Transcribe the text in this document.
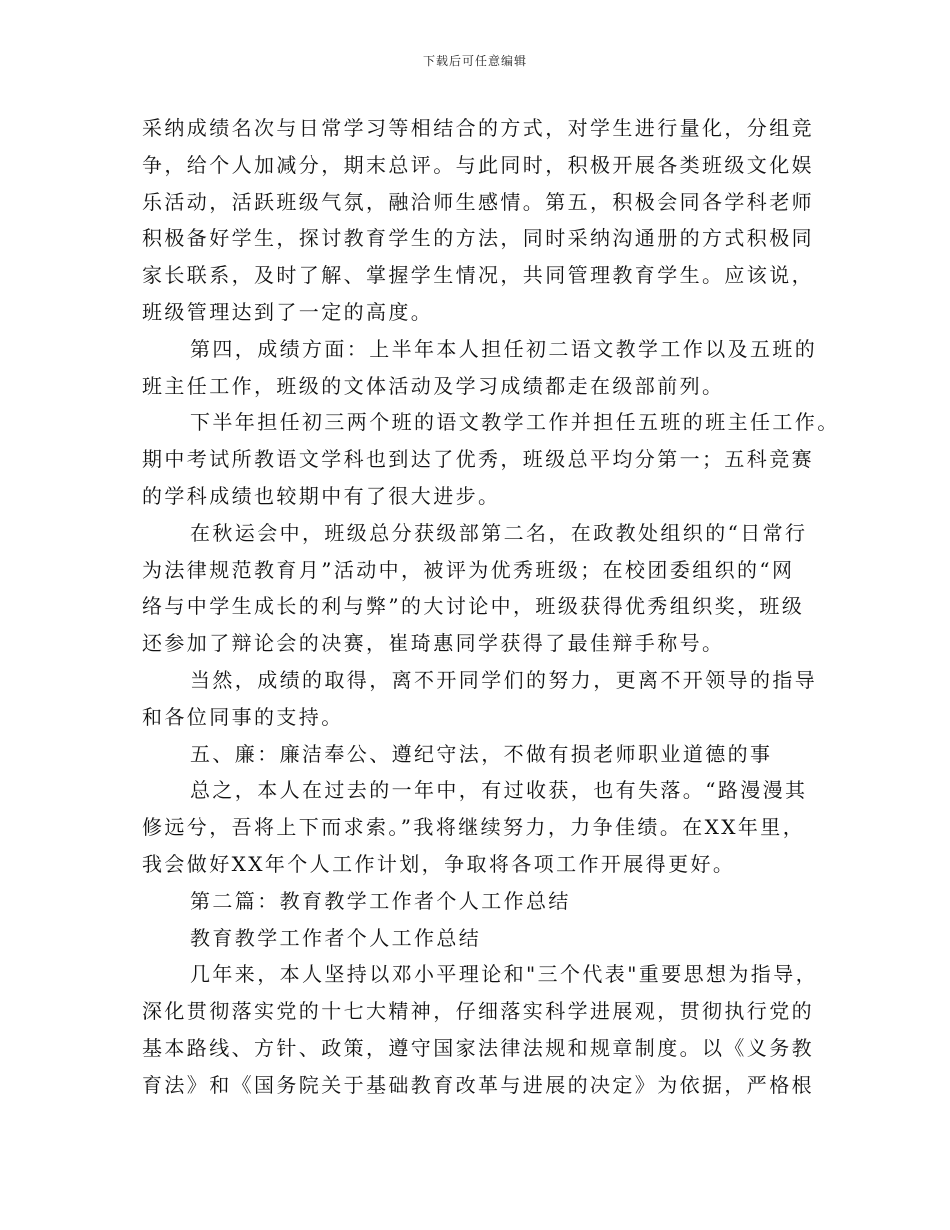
下载后可任意编辑
采纳成绩名次与日常学习等相结合的方式，对学生进行量化，分组竞
争，给个人加减分，期末总评。与此同时，积极开展各类班级文化娱
乐活动，活跃班级气氛，融洽师生感情。第五，积极会同各学科老师
积极备好学生，探讨教育学生的方法，同时采纳沟通册的方式积极同
家长联系，及时了解、掌握学生情况，共同管理教育学生。应该说，
班级管理达到了一定的高度。
第四，成绩方面：上半年本人担任初二语文教学工作以及五班的
班主任工作，班级的文体活动及学习成绩都走在级部前列。
下半年担任初三两个班的语文教学工作并担任五班的班主任工作。
期中考试所教语文学科也到达了优秀，班级总平均分第一；五科竞赛
的学科成绩也较期中有了很大进步。
在秋运会中，班级总分获级部第二名，在政教处组织的“日常行
为法律规范教育月”活动中，被评为优秀班级；在校团委组织的“网
络与中学生成长的利与弊”的大讨论中，班级获得优秀组织奖，班级
还参加了辩论会的决赛，崔琦惠同学获得了最佳辩手称号。
当然，成绩的取得，离不开同学们的努力，更离不开领导的指导
和各位同事的支持。
五、廉：廉洁奉公、遵纪守法，不做有损老师职业道德的事
总之，本人在过去的一年中，有过收获，也有失落。“路漫漫其
修远兮，吾将上下而求索。”我将继续努力，力争佳绩。在XX年里，
我会做好XX年个人工作计划，争取将各项工作开展得更好。
第二篇：教育教学工作者个人工作总结
教育教学工作者个人工作总结
几年来，本人坚持以邓小平理论和"三个代表"重要思想为指导，
深化贯彻落实党的十七大精神，仔细落实科学进展观，贯彻执行党的
基本路线、方针、政策，遵守国家法律法规和规章制度。以《义务教
育法》和《国务院关于基础教育改革与进展的决定》为依据，严格根
